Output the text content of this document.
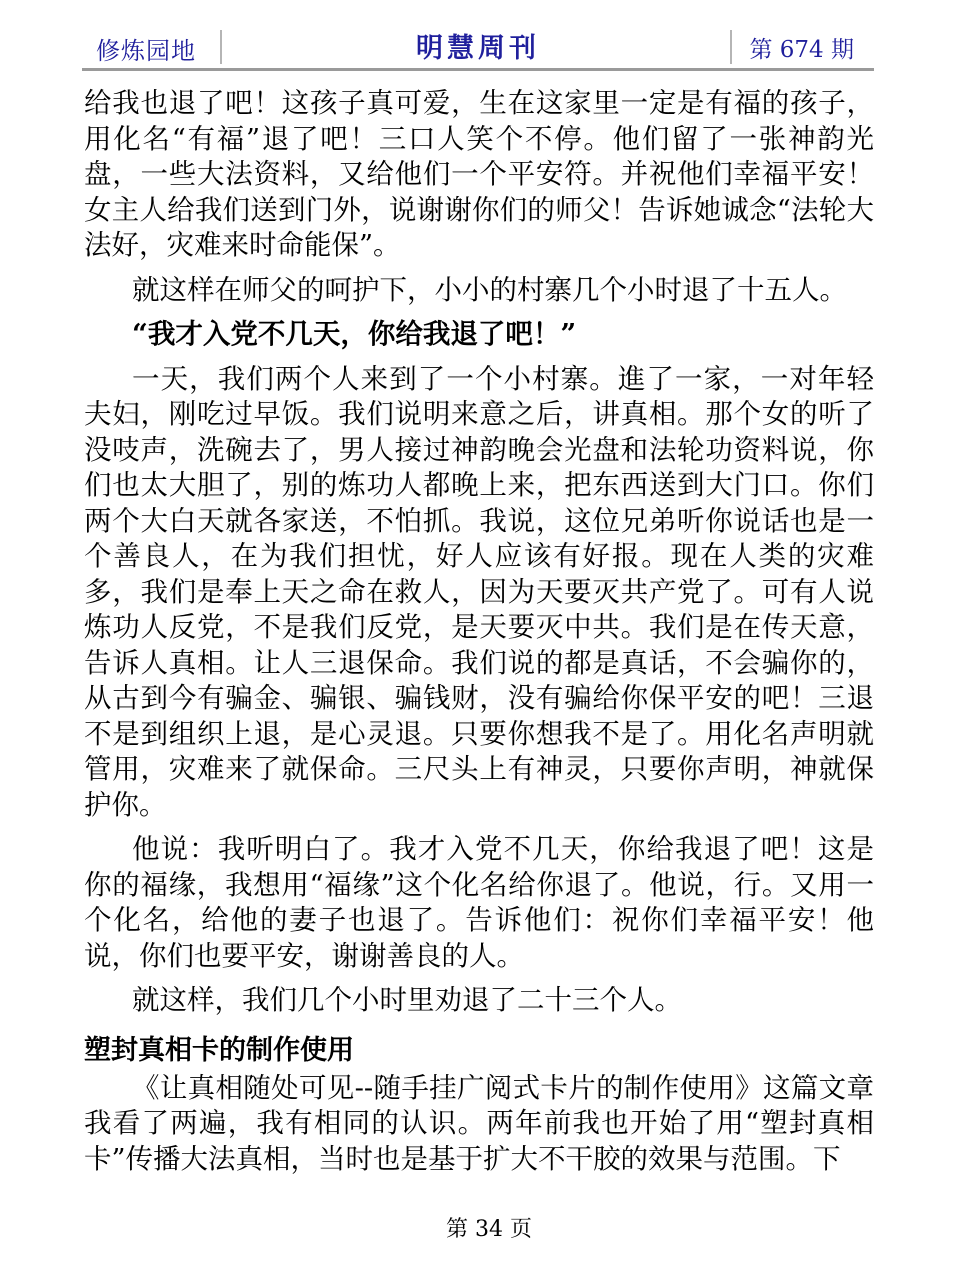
修炼园地	明慧周刊	第 674 期

给我也退了吧！这孩子真可爱，生在这家里一定是有福的孩子，用化名“有福”退了吧！三口人笑个不停。他们留了一张神韵光盘，一些大法资料，又给他们一个平安符。并祝他们幸福平安！女主人给我们送到门外，说谢谢你们的师父！告诉她诚念“法轮大法好，灾难来时命能保”。

就这样在师父的呵护下，小小的村寨几个小时退了十五人。

“我才入党不几天，你给我退了吧！”

一天，我们两个人来到了一个小村寨。進了一家，一对年轻夫妇，刚吃过早饭。我们说明来意之后，讲真相。那个女的听了没吱声，洗碗去了，男人接过神韵晚会光盘和法轮功资料说，你们也太大胆了，别的炼功人都晚上来，把东西送到大门口。你们两个大白天就各家送，不怕抓。我说，这位兄弟听你说话也是一个善良人，在为我们担忧，好人应该有好报。现在人类的灾难多，我们是奉上天之命在救人，因为天要灭共产党了。可有人说炼功人反党，不是我们反党，是天要灭中共。我们是在传天意，告诉人真相。让人三退保命。我们说的都是真话，不会骗你的，从古到今有骗金、骗银、骗钱财，没有骗给你保平安的吧！三退不是到组织上退，是心灵退。只要你想我不是了。用化名声明就管用，灾难来了就保命。三尺头上有神灵，只要你声明，神就保护你。

他说：我听明白了。我才入党不几天，你给我退了吧！这是你的福缘，我想用“福缘”这个化名给你退了。他说，行。又用一个化名，给他的妻子也退了。告诉他们：祝你们幸福平安！他说，你们也要平安，谢谢善良的人。

就这样，我们几个小时里劝退了二十三个人。

塑封真相卡的制作使用

《让真相随处可见--随手挂广阅式卡片的制作使用》这篇文章我看了两遍，我有相同的认识。两年前我也开始了用“塑封真相卡”传播大法真相，当时也是基于扩大不干胶的效果与范围。下

第 34 页
